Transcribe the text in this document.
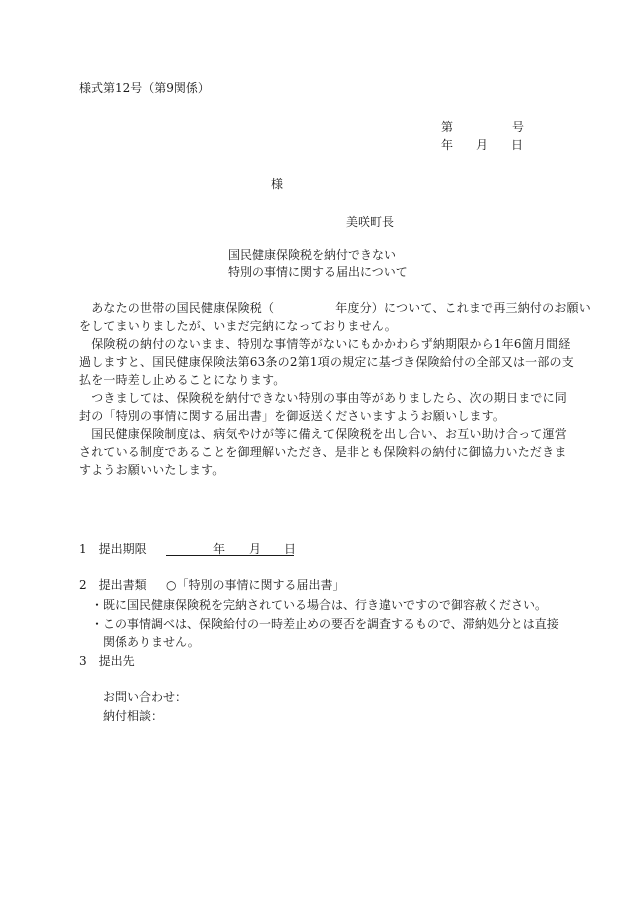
様式第12号（第9関係）
第	号
年 月 日
様
美咲町長
国民健康保険税を納付できない
特別の事情に関する届出について
　あなたの世帯の国民健康保険税（　　　　　年度分）について、これまで再三納付のお願い
をしてまいりましたが、いまだ完納になっておりません。
　保険税の納付のないまま、特別な事情等がないにもかかわらず納期限から1年6箇月間経
過しますと、国民健康保険法第63条の2第1項の規定に基づき保険給付の全部又は一部の支
払を一時差し止めることになります。
　つきましては、保険税を納付できない特別の事由等がありましたら、次の期日までに同
封の「特別の事情に関する届出書」を御返送くださいますようお願いします。
　国民健康保険制度は、病気やけが等に備えて保険税を出し合い、お互い助け合って運営
されている制度であることを御理解いただき、是非とも保険料の納付に御協力いただきま
すようお願いいたします。
1　提出期限	年 月 日
2　提出書類 ○「特別の事情に関する届出書」
・既に国民健康保険税を完納されている場合は、行き違いですので御容赦ください。
・この事情調べは、保険給付の一時差止めの要否を調査するもので、滞納処分とは直接
関係ありません。
3　提出先
お問い合わせ：
納付相談：
